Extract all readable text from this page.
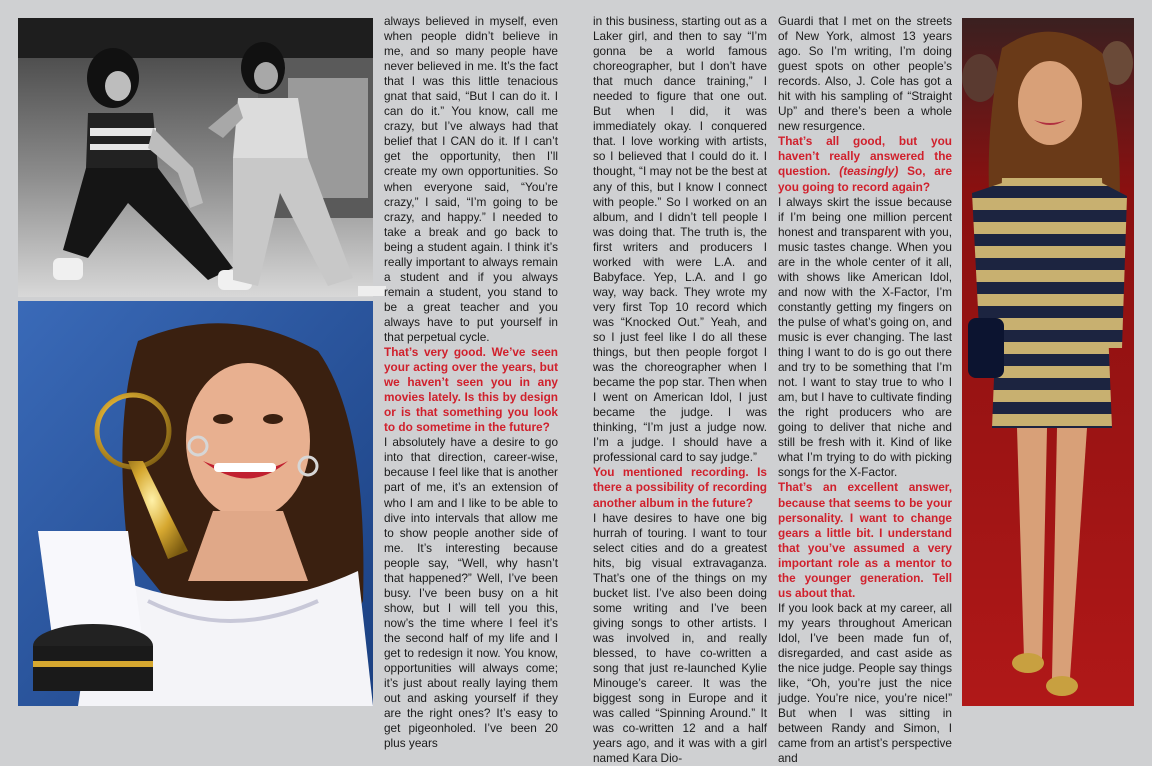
always believed in myself, even when people didn’t believe in me, and so many people have never believed in me. It’s the fact that I was this little tenacious gnat that said, “But I can do it. I can do it.” You know, call me crazy, but I’ve always had that belief that I CAN do it. If I can’t get the opportunity, then I’ll create my own opportunities. So when everyone said, “You’re crazy,” I said, “I’m going to be crazy, and happy.” I needed to take a break and go back to being a student again. I think it’s really important to always remain a student and if you always remain a student, you stand to be a great teacher and you always have to put yourself in that perpetual cycle.

That’s very good. We’ve seen your acting over the years, but we haven’t seen you in any movies lately. Is this by design or is that something you look to do sometime in the future?

I absolutely have a desire to go into that direction, career-wise, because I feel like that is another part of me, it’s an extension of who I am and I like to be able to dive into intervals that allow me to show people another side of me. It’s interesting because people say, “Well, why hasn’t that happened?” Well, I’ve been busy. I’ve been busy on a hit show, but I will tell you this, now’s the time where I feel it’s the second half of my life and I get to redesign it now. You know, opportunities will always come; it’s just about really laying them out and asking yourself if they are the right ones? It’s easy to get pigeonholed. I’ve been 20 plus years

in this business, starting out as a Laker girl, and then to say “I’m gonna be a world famous choreographer, but I don’t have that much dance training,” I needed to figure that one out. But when I did, it was immediately okay. I conquered that. I love working with artists, so I believed that I could do it. I thought, “I may not be the best at any of this, but I know I connect with people.” So I worked on an album, and I didn’t tell people I was doing that. The truth is, the first writers and producers I worked with were L.A. and Babyface. Yep, L.A. and I go way, way back. They wrote my very first Top 10 record which was “Knocked Out.” Yeah, and so I just feel like I do all these things, but then people forgot I was the choreographer when I became the pop star. Then when I went on American Idol, I just became the judge. I was thinking, “I’m just a judge now. I’m a judge. I should have a professional card to say judge.”

You mentioned recording. Is there a possibility of recording another album in the future?

I have desires to have one big hurrah of touring. I want to tour select cities and do a greatest hits, big visual extravaganza. That’s one of the things on my bucket list. I’ve also been doing some writing and I’ve been giving songs to other artists. I was involved in, and really blessed, to have co-written a song that just re-launched Kylie Minouge’s career. It was the biggest song in Europe and it was called “Spinning Around.” It was co-written 12 and a half years ago, and it was with a girl named Kara Dio-

Guardi that I met on the streets of New York, almost 13 years ago. So I’m writing, I’m doing guest spots on other people’s records. Also, J. Cole has got a hit with his sampling of “Straight Up” and there’s been a whole new resurgence.

That’s all good, but you haven’t really answered the question. (teasingly) So, are you going to record again?

I always skirt the issue because if I’m being one million percent honest and transparent with you, music tastes change. When you are in the whole center of it all, with shows like American Idol, and now with the X-Factor, I’m constantly getting my fingers on the pulse of what’s going on, and music is ever changing. The last thing I want to do is go out there and try to be something that I’m not. I want to stay true to who I am, but I have to cultivate finding the right producers who are going to deliver that niche and still be fresh with it. Kind of like what I’m trying to do with picking songs for the X-Factor.

That’s an excellent answer, because that seems to be your personality. I want to change gears a little bit. I understand that you’ve assumed a very important role as a mentor to the younger generation. Tell us about that.

If you look back at my career, all my years throughout American Idol, I’ve been made fun of, disregarded, and cast aside as the nice judge. People say things like, “Oh, you’re just the nice judge. You’re nice, you’re nice!” But when I was sitting in between Randy and Simon, I came from an artist’s perspective and
